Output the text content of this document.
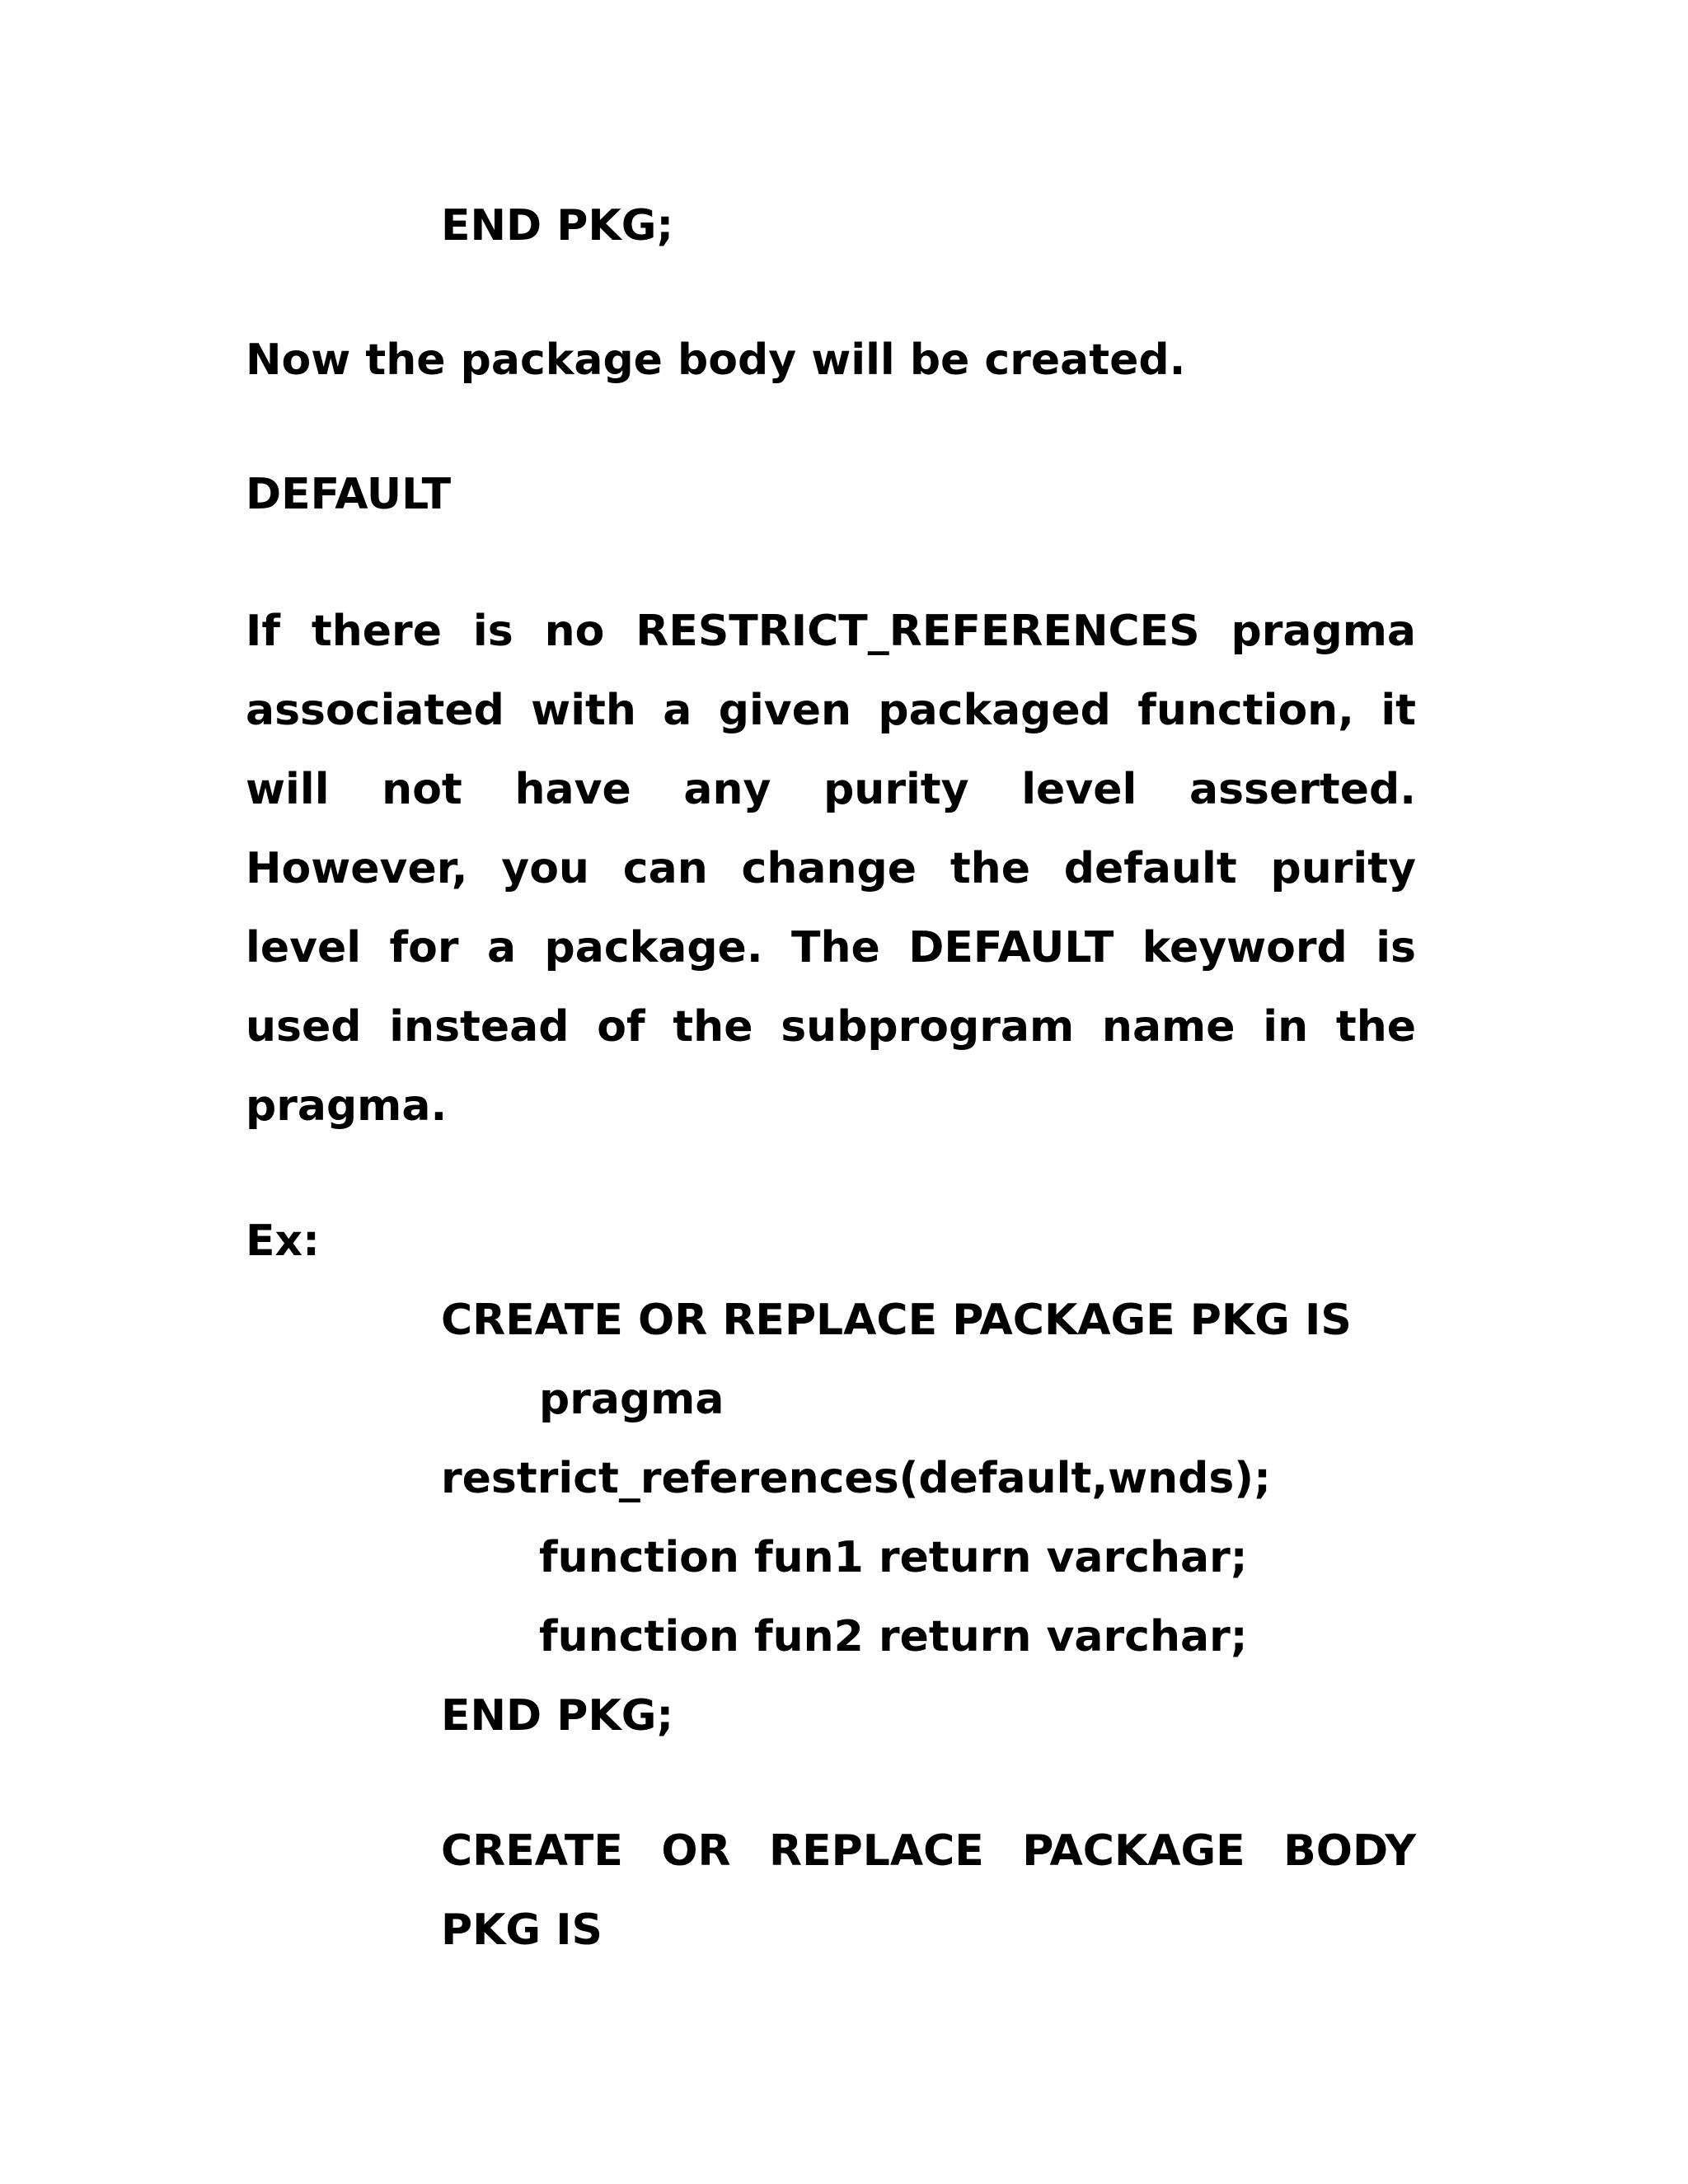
END PKG;
Now the package body will be created.
DEFAULT
If there is no RESTRICT_REFERENCES pragma
associated with a given packaged function, it
will not have any purity level asserted.
However, you can change the default purity
level for a package. The DEFAULT keyword is
used instead of the subprogram name in the
pragma.
Ex:
CREATE OR REPLACE PACKAGE PKG IS
pragma
restrict_references(default,wnds);
function fun1 return varchar;
function fun2 return varchar;
END PKG;
CREATE OR REPLACE PACKAGE BODY
PKG IS
